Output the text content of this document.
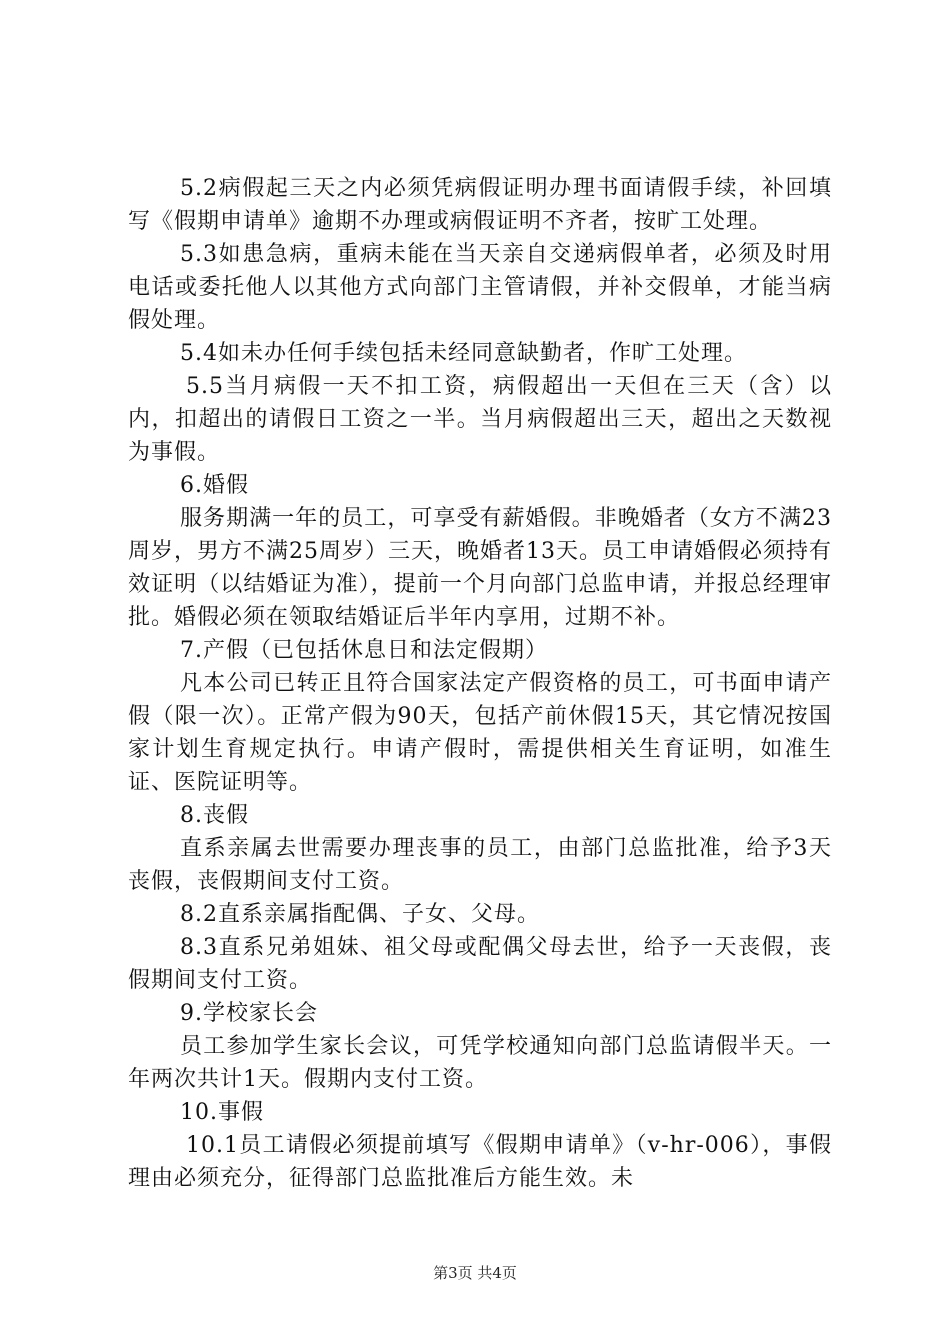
5.2病假起三天之内必须凭病假证明办理书面请假手续，补回填写《假期申请单》逾期不办理或病假证明不齐者，按旷工处理。

5.3如患急病，重病未能在当天亲自交递病假单者，必须及时用电话或委托他人以其他方式向部门主管请假，并补交假单，才能当病假处理。

5.4如未办任何手续包括未经同意缺勤者，作旷工处理。

5.5当月病假一天不扣工资，病假超出一天但在三天（含）以内，扣超出的请假日工资之一半。当月病假超出三天，超出之天数视为事假。

6.婚假

服务期满一年的员工，可享受有薪婚假。非晚婚者（女方不满23周岁，男方不满25周岁）三天，晚婚者13天。员工申请婚假必须持有效证明（以结婚证为准），提前一个月向部门总监申请，并报总经理审批。婚假必须在领取结婚证后半年内享用，过期不补。

7.产假（已包括休息日和法定假期）

凡本公司已转正且符合国家法定产假资格的员工，可书面申请产假（限一次）。正常产假为90天，包括产前休假15天，其它情况按国家计划生育规定执行。申请产假时，需提供相关生育证明，如准生证、医院证明等。

8.丧假

直系亲属去世需要办理丧事的员工，由部门总监批准，给予3天丧假，丧假期间支付工资。

8.2直系亲属指配偶、子女、父母。

8.3直系兄弟姐妹、祖父母或配偶父母去世，给予一天丧假，丧假期间支付工资。

9.学校家长会

员工参加学生家长会议，可凭学校通知向部门总监请假半天。一年两次共计1天。假期内支付工资。

10.事假

10.1员工请假必须提前填写《假期申请单》（v-hr-006），事假理由必须充分，征得部门总监批准后方能生效。未

第3页 共4页
